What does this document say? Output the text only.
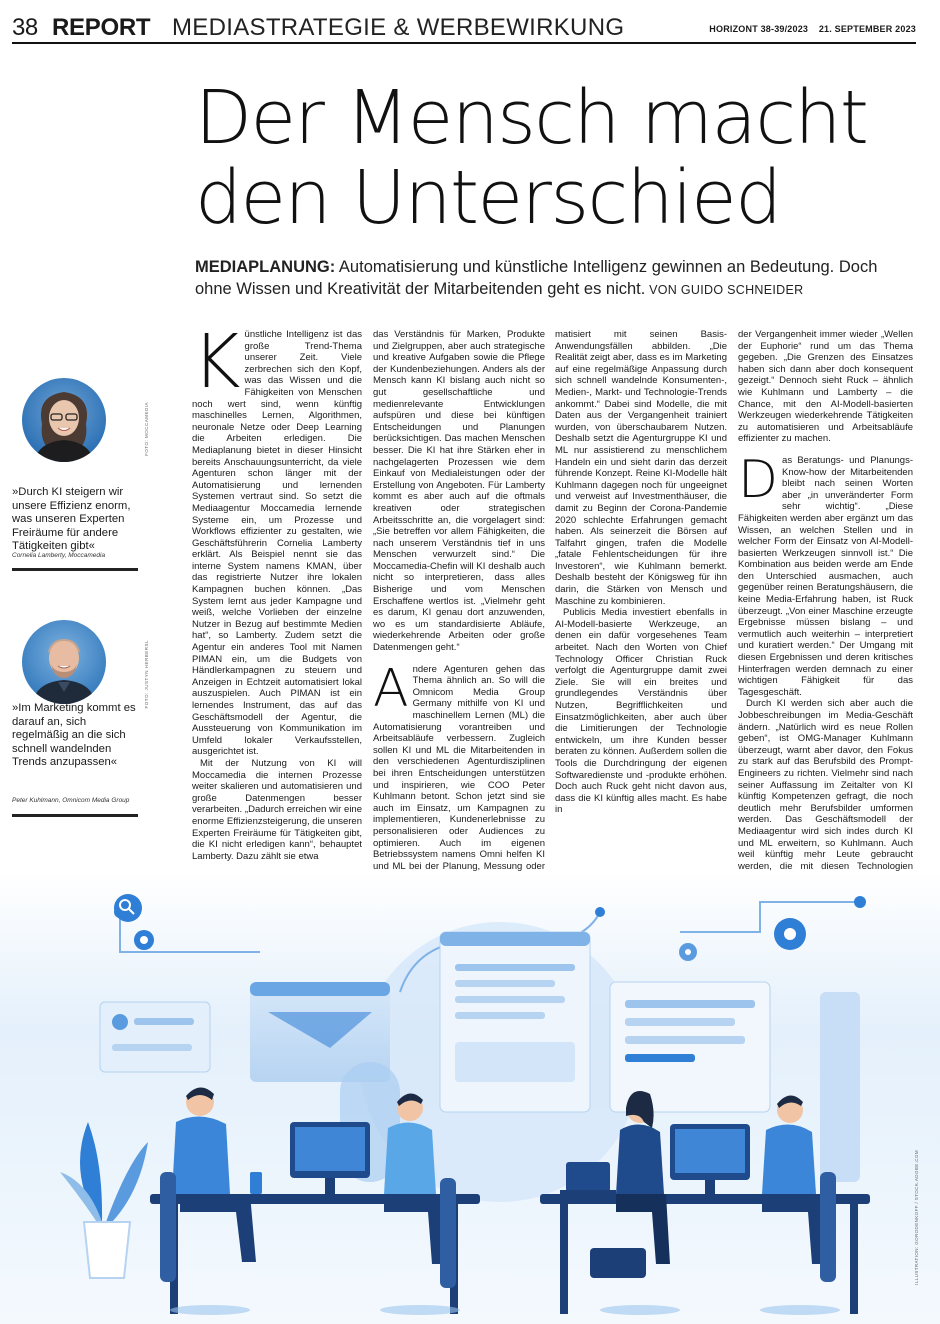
38 REPORT MEDIASTRATEGIE & WERBEWIRKUNG	HORIZONT 38-39/2023 21. SEPTEMBER 2023
Der Mensch macht
den Unterschied
MEDIAPLANUNG: Automatisierung und künstliche Intelligenz gewinnen an Bedeutung. Doch ohne Wissen und Kreativität der Mitarbeitenden geht es nicht. VON GUIDO SCHNEIDER
FOTO: MOCCAMEDIA

»Durch KI steigern wir unsere Effizienz enorm, was unseren Experten Freiräume für andere Tätigkeiten gibt«

Cornelia Lamberty, Moccamedia

FOTO: JUSTYN HERBERSL

»Im Marketing kommt es darauf an, sich regelmäßig an die sich schnell wandelnden Trends anzupassen«

Peter Kuhlmann, Omnicom Media Group

Künstliche Intelligenz ist das große Trend-Thema unserer Zeit. Viele zerbrechen sich den Kopf, was das Wissen und die Fähigkeiten von Menschen noch wert sind, wenn künftig maschinelles Lernen, Algorithmen, neuronale Netze oder Deep Learning die Arbeiten erledigen. Die Mediaplanung bietet in dieser Hinsicht bereits Anschauungsunterricht, da viele Agenturen schon länger mit der Automatisierung und lernenden Systemen vertraut sind. So setzt die Mediaagentur Moccamedia lernende Systeme ein, um Prozesse und Workflows effizienter zu gestalten, wie Geschäftsführerin Cornelia Lamberty erklärt. Als Beispiel nennt sie das interne System namens KMAN, über das registrierte Nutzer ihre lokalen Kampagnen buchen können. „Das System lernt aus jeder Kampagne und weiß, welche Vorlieben der einzelne Nutzer in Bezug auf bestimmte Medien hat“, so Lamberty. Zudem setzt die Agentur ein anderes Tool mit Namen PIMAN ein, um die Budgets von Händlerkampagnen zu steuern und Anzeigen in Echtzeit automatisiert lokal auszuspielen. Auch PIMAN ist ein lernendes Instrument, das auf das Geschäftsmodell der Agentur, die Aussteuerung von Kommunikation im Umfeld lokaler Verkaufsstellen, ausgerichtet ist.

Mit der Nutzung von KI will Moccamedia die internen Prozesse weiter skalieren und automatisieren und große Datenmengen besser verarbeiten. „Dadurch erreichen wir eine enorme Effizienzsteigerung, die unseren Experten Freiräume für Tätigkeiten gibt, die KI nicht erledigen kann“, behauptet Lamberty. Dazu zählt sie etwa

das Verständnis für Marken, Produkte und Zielgruppen, aber auch strategische und kreative Aufgaben sowie die Pflege der Kundenbeziehungen. Anders als der Mensch kann KI bislang auch nicht so gut gesellschaftliche und medienrelevante Entwicklungen aufspüren und diese bei künftigen Entscheidungen und Planungen berücksichtigen. Das machen Menschen besser. Die KI hat ihre Stärken eher in nachgelagerten Prozessen wie dem Einkauf von Medialeistungen oder der Erstellung von Angeboten. Für Lamberty kommt es aber auch auf die oftmals kreativen oder strategischen Arbeitsschritte an, die vorgelagert sind: „Sie betreffen vor allem Fähigkeiten, die nach unserem Verständnis tief in uns Menschen verwurzelt sind.“ Die Moccamedia-Chefin will KI deshalb auch nicht so interpretieren, dass alles Bisherige und vom Menschen Erschaffene wertlos ist. „Vielmehr geht es darum, KI genau dort anzuwenden, wo es um standardisierte Abläufe, wiederkehrende Arbeiten oder große Datenmengen geht.“

Andere Agenturen gehen das Thema ähnlich an. So will die Omnicom Media Group Germany mithilfe von KI und maschinellem Lernen (ML) die Automatisierung vorantreiben und Arbeitsabläufe verbessern. Zugleich sollen KI und ML die Mitarbeitenden in den verschiedenen Agenturdisziplinen bei ihren Entscheidungen unterstützen und inspirieren, wie COO Peter Kuhlmann betont. Schon jetzt sind sie auch im Einsatz, um Kampagnen zu implementieren, Kundenerlebnisse zu personalisieren oder Audiences zu optimieren. Auch im eigenen Betriebssystem namens Omni helfen KI und ML bei der Planung, Messung oder

matisiert mit seinen Basis-Anwendungsfällen abbilden. „Die Realität zeigt aber, dass es im Marketing auf eine regelmäßige Anpassung durch sich schnell wandelnde Konsumenten-, Medien-, Markt- und Technologie-Trends ankommt.“ Dabei sind Modelle, die mit Daten aus der Vergangenheit trainiert wurden, von überschaubarem Nutzen. Deshalb setzt die Agenturgruppe KI und ML nur assistierend zu menschlichem Handeln ein und sieht darin das derzeit führende Konzept. Reine KI-Modelle hält Kuhlmann dagegen noch für ungeeignet und verweist auf Investmenthäuser, die damit zu Beginn der Corona-Pandemie 2020 schlechte Erfahrungen gemacht haben. Als seinerzeit die Börsen auf Talfahrt gingen, trafen die Modelle „fatale Fehlentscheidungen für ihre Investoren“, wie Kuhlmann bemerkt. Deshalb besteht der Königsweg für ihn darin, die Stärken von Mensch und Maschine zu kombinieren.

Publicis Media investiert ebenfalls in AI-Modell-basierte Werkzeuge, an denen ein dafür vorgesehenes Team arbeitet. Nach den Worten von Chief Technology Officer Christian Ruck verfolgt die Agenturgruppe damit zwei Ziele. Sie will ein breites und grundlegendes Verständnis über Nutzen, Begrifflichkeiten und Einsatzmöglichkeiten, aber auch über die Limitierungen der Technologie entwickeln, um ihre Kunden besser beraten zu können. Außerdem sollen die Tools die Durchdringung der eigenen Softwaredienste und -produkte erhöhen. Doch auch Ruck geht nicht davon aus, dass die KI künftig alles macht. Es habe in

der Vergangenheit immer wieder „Wellen der Euphorie“ rund um das Thema gegeben. „Die Grenzen des Einsatzes haben sich dann aber doch konsequent gezeigt.“ Dennoch sieht Ruck – ähnlich wie Kuhlmann und Lamberty – die Chance, mit den AI-Modell-basierten Werkzeugen wiederkehrende Tätigkeiten zu automatisieren und Arbeitsabläufe effizienter zu machen.

Das Beratungs- und Planungs-Know-how der Mitarbeitenden bleibt nach seinen Worten aber „in unveränderter Form sehr wichtig“. „Diese Fähigkeiten werden aber ergänzt um das Wissen, an welchen Stellen und in welcher Form der Einsatz von AI-Modell-basierten Werkzeugen sinnvoll ist.“ Die Kombination aus beiden werde am Ende den Unterschied ausmachen, auch gegenüber reinen Beratungshäusern, die keine Media-Erfahrung haben, ist Ruck überzeugt. „Von einer Maschine erzeugte Ergebnisse müssen bislang – und vermutlich auch weiterhin – interpretiert und kuratiert werden.“ Der Umgang mit diesen Ergebnissen und deren kritisches Hinterfragen werden demnach zu einer wichtigen Fähigkeit für das Tagesgeschäft.

Durch KI werden sich aber auch die Jobbeschreibungen im Media-Geschäft ändern. „Natürlich wird es neue Rollen geben“, ist OMG-Manager Kuhlmann überzeugt, warnt aber davor, den Fokus zu stark auf das Berufsbild des Prompt-Engineers zu richten. Vielmehr sind nach seiner Auffassung im Zeitalter von KI künftig Kompetenzen gefragt, die noch deutlich mehr Berufsbilder umformen werden. Das Geschäftsmodell der Mediaagentur wird sich indes durch KI und ML erweitern, so Kuhlmann. Auch weil künftig mehr Leute gebraucht werden, die mit diesen Technologien

ILLUSTRATION: GORODENKOFF / STOCK.ADOBE.COM
